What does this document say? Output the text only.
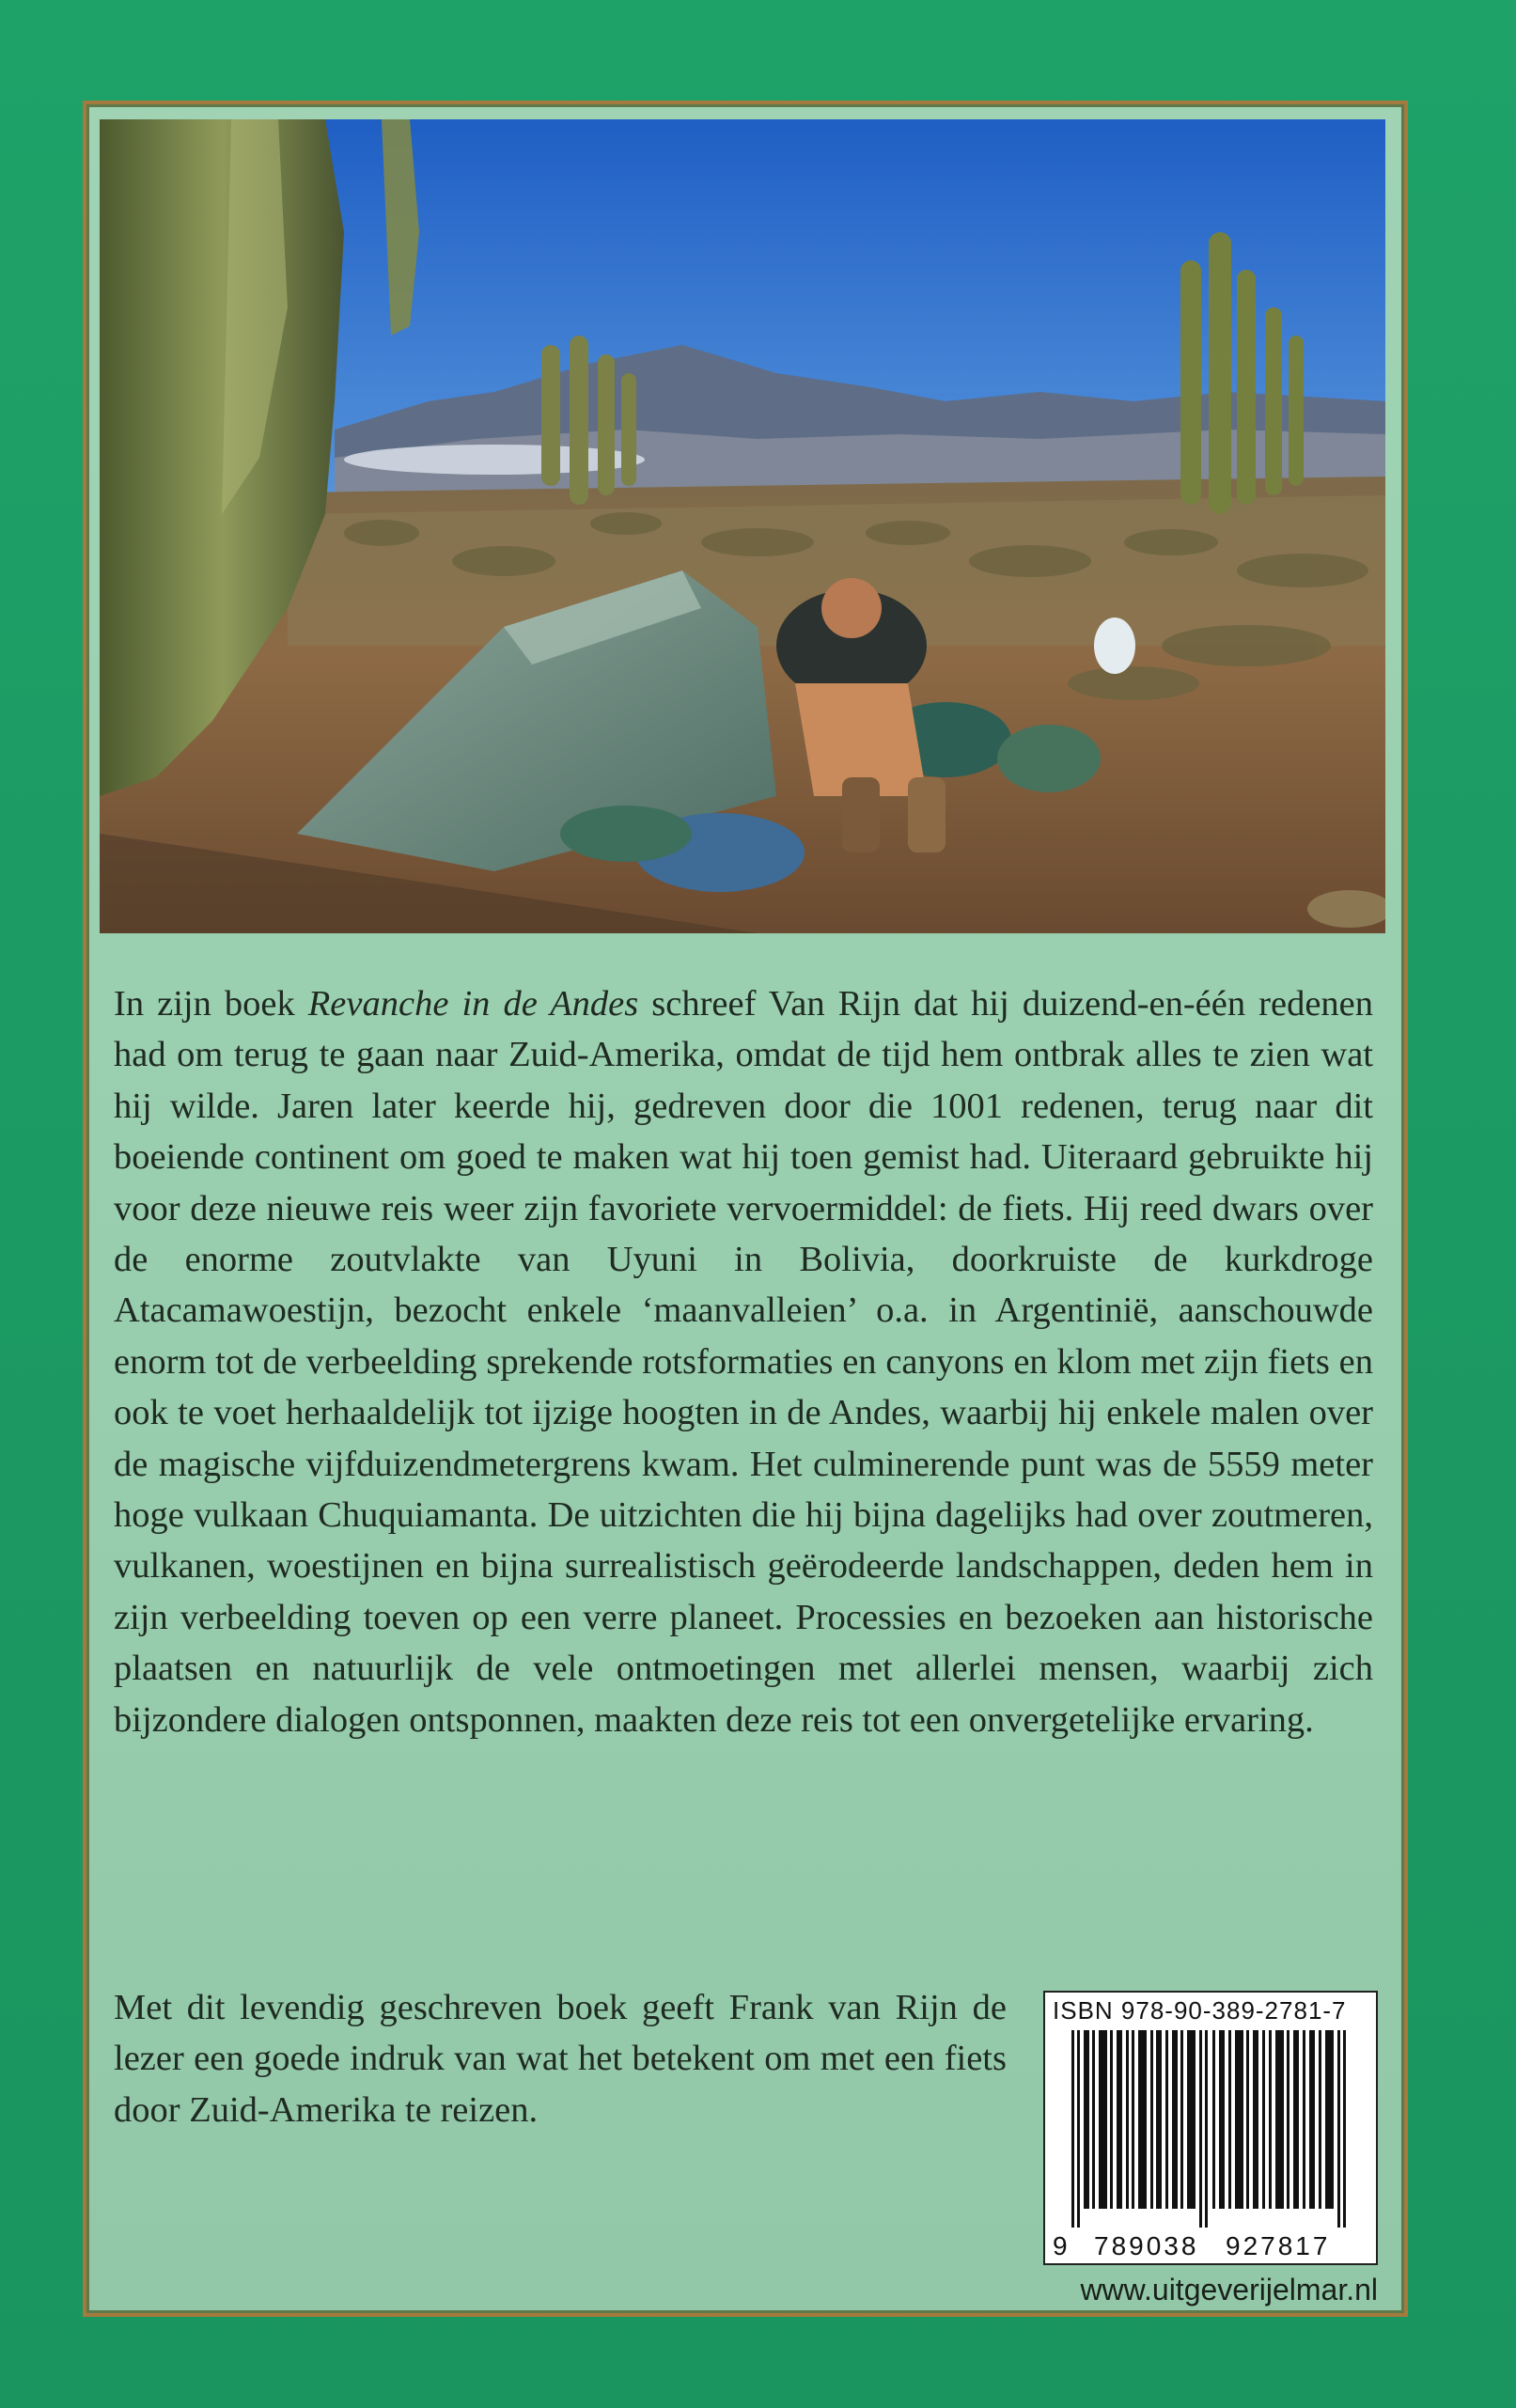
In zijn boek Revanche in de Andes schreef Van Rijn dat hij duizend-en-één redenen had om terug te gaan naar Zuid-Amerika, omdat de tijd hem ontbrak alles te zien wat hij wilde. Jaren later keerde hij, gedreven door die 1001 redenen, terug naar dit boeiende continent om goed te maken wat hij toen gemist had. Uiteraard gebruikte hij voor deze nieuwe reis weer zijn favoriete vervoermiddel: de fiets. Hij reed dwars over de enorme zoutvlakte van Uyuni in Bolivia, doorkruiste de kurkdroge Atacamawoestijn, bezocht enkele ‘maanvalleien’ o.a. in Argentinië, aanschouwde enorm tot de verbeelding sprekende rotsformaties en canyons en klom met zijn fiets en ook te voet herhaaldelijk tot ijzige hoogten in de Andes, waarbij hij enkele malen over de magische vijfduizendmetergrens kwam. Het culminerende punt was de 5559 meter hoge vulkaan Chuquiamanta. De uitzichten die hij bijna dagelijks had over zoutmeren, vulkanen, woestijnen en bijna surrealistisch geërodeerde landschappen, deden hem in zijn verbeelding toeven op een verre planeet. Processies en bezoeken aan historische plaatsen en natuurlijk de vele ontmoetingen met allerlei mensen, waarbij zich bijzondere dialogen ontsponnen, maakten deze reis tot een onvergetelijke ervaring.

Met dit levendig geschreven boek geeft Frank van Rijn de lezer een goede indruk van wat het betekent om met een fiets door Zuid-Amerika te reizen.

ISBN 978-90-389-2781-7
9 789038 927817
www.uitgeverijelmar.nl
